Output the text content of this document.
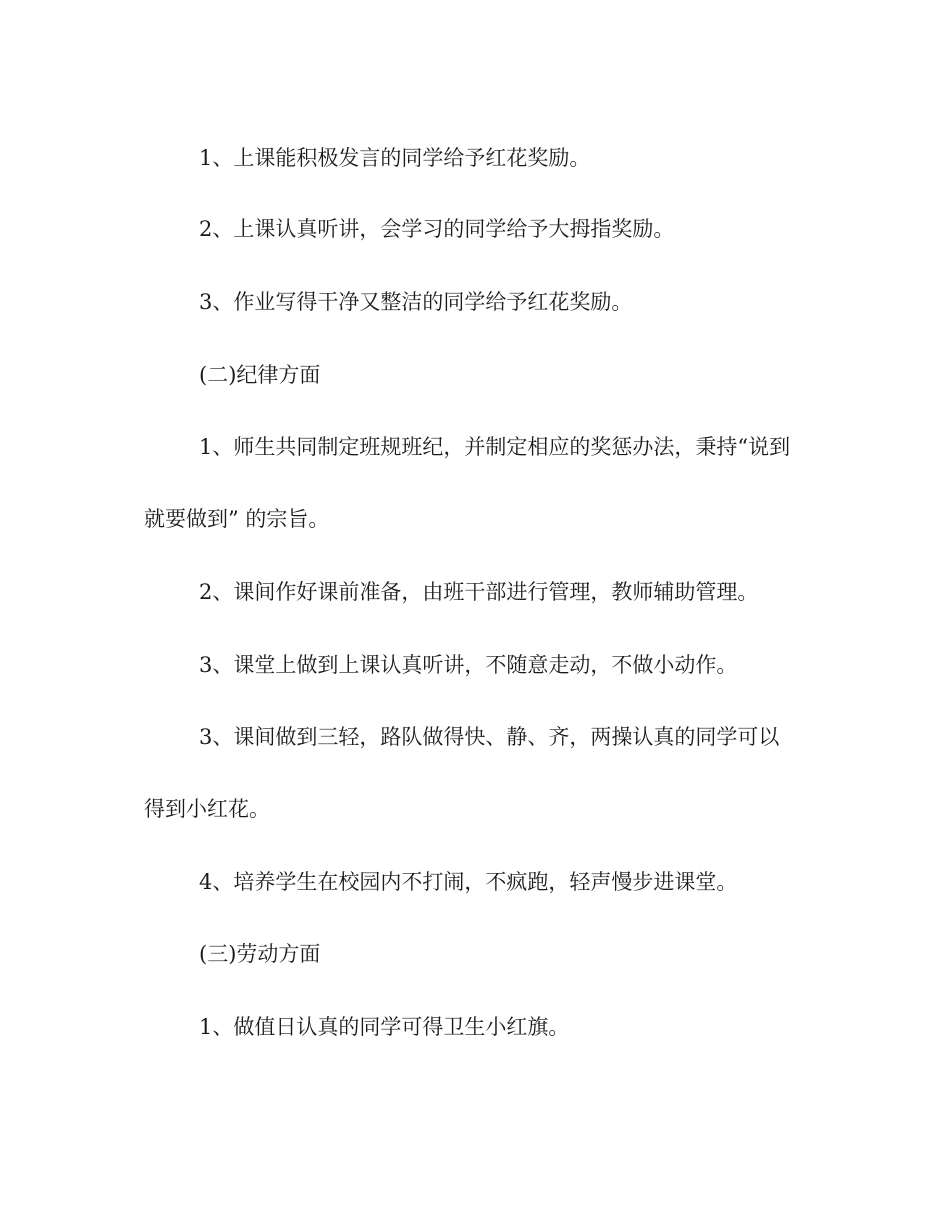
1、上课能积极发言的同学给予红花奖励。
2、上课认真听讲，会学习的同学给予大拇指奖励。
3、作业写得干净又整洁的同学给予红花奖励。
(二)纪律方面
1、师生共同制定班规班纪，并制定相应的奖惩办法，秉持“说到
就要做到” 的宗旨。
2、课间作好课前准备，由班干部进行管理，教师辅助管理。
3、课堂上做到上课认真听讲，不随意走动，不做小动作。
3、课间做到三轻，路队做得快、静、齐，两操认真的同学可以
得到小红花。
4、培养学生在校园内不打闹，不疯跑，轻声慢步进课堂。
(三)劳动方面
1、做值日认真的同学可得卫生小红旗。
